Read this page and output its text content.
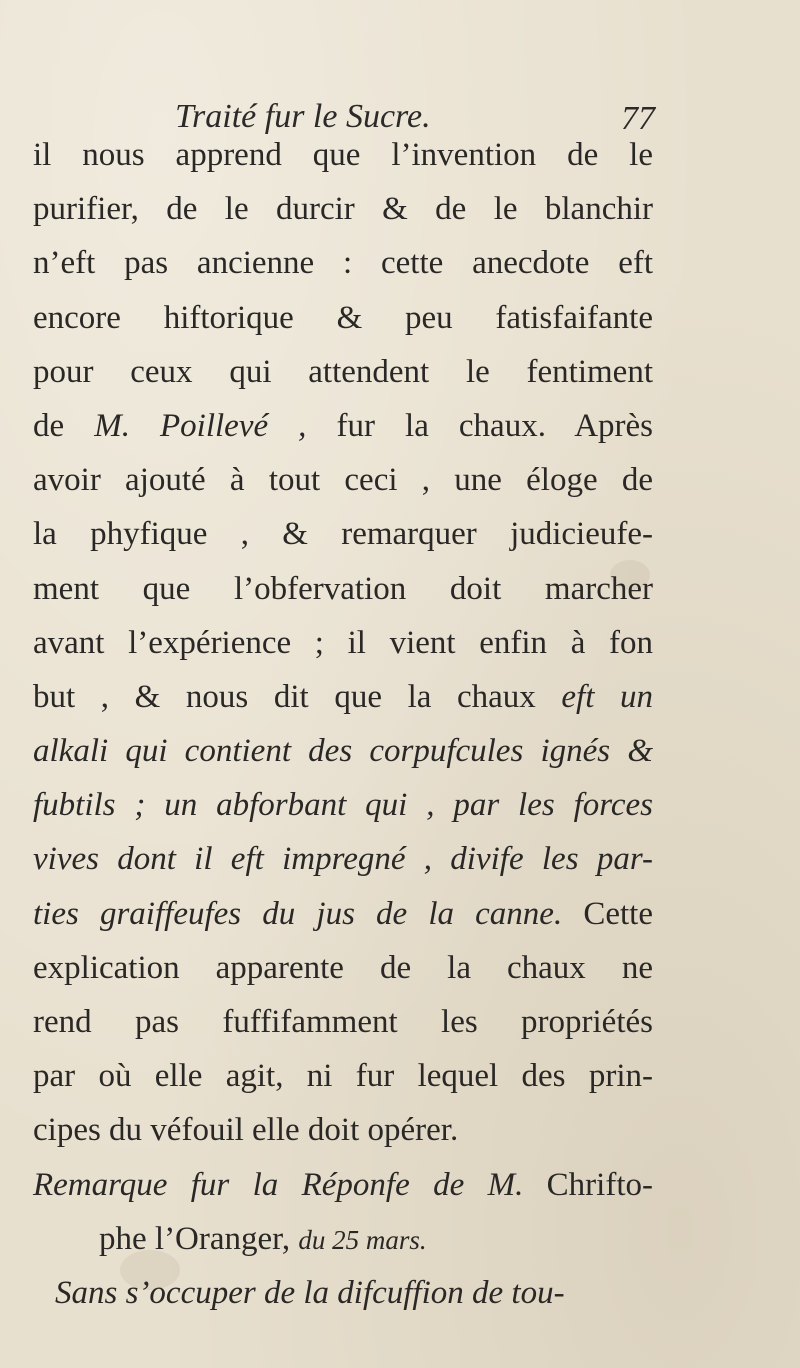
Traité fur le Sucre.	77
il nous apprend que l’invention de le
purifier, de le durcir & de le blanchir
n’eft pas ancienne : cette anecdote eft
encore hiftorique & peu fatisfaifante
pour ceux qui attendent le fentiment
de M. Poillevé , fur la chaux. Après
avoir ajouté à tout ceci , une éloge de
la phyfique , & remarquer judicieufe-
ment que l’obfervation doit marcher
avant l’expérience ; il vient enfin à fon
but , & nous dit que la chaux eft un
alkali qui contient des corpufcules ignés &
fubtils ; un abforbant qui , par les forces
vives dont il eft impregné , divife les par-
ties graiffeufes du jus de la canne. Cette
explication apparente de la chaux ne
rend pas fuffifamment les propriétés
par où elle agit, ni fur lequel des prin-
cipes du véfouil elle doit opérer.
Remarque fur la Réponfe de M. Chrifto-
phe l’Oranger, du 25 mars.
Sans s’occuper de la difcuffion de tou-
